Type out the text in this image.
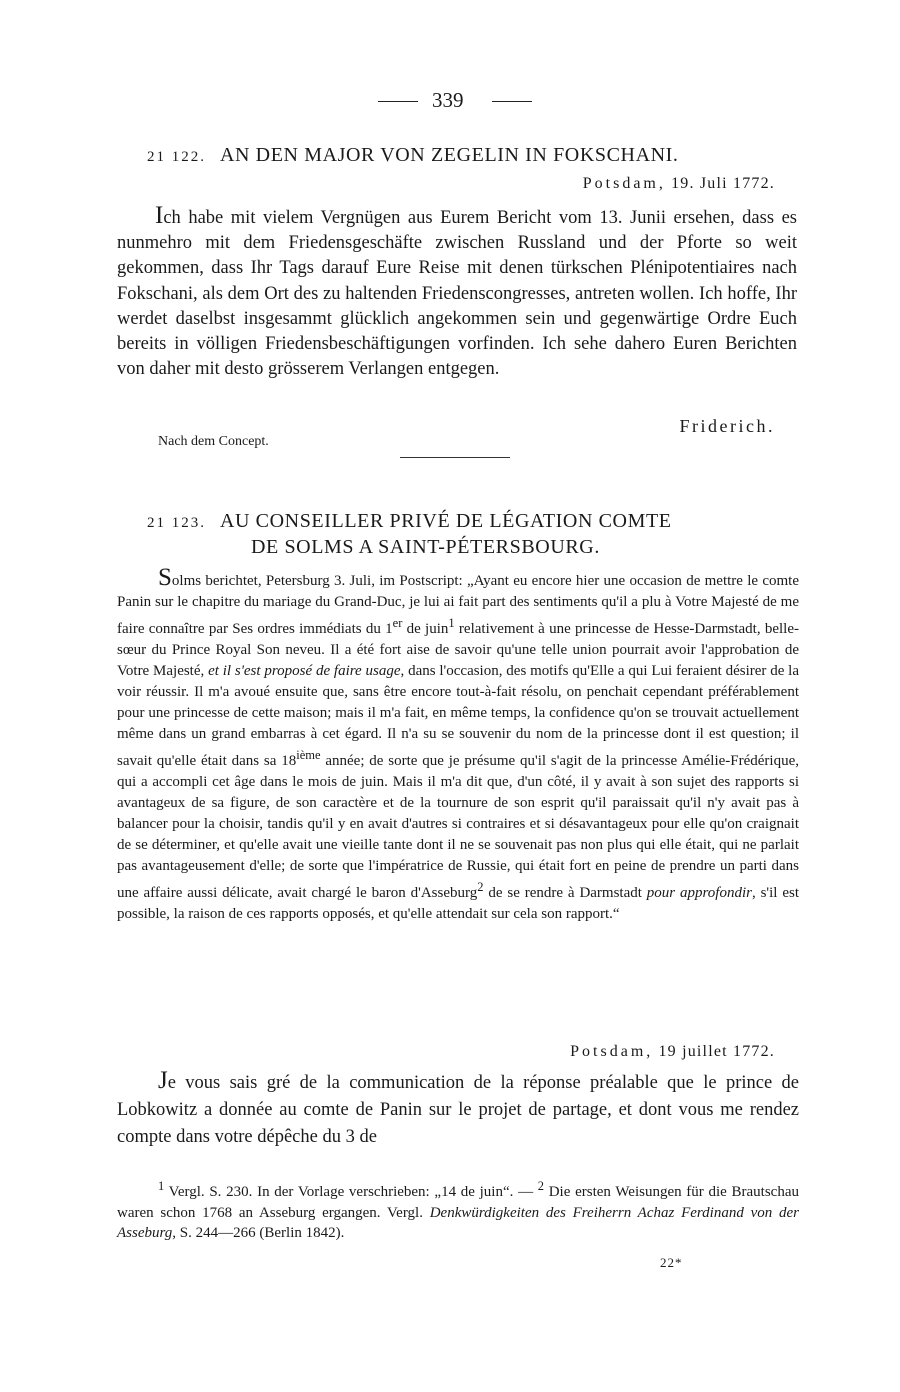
339
21 122. AN DEN MAJOR VON ZEGELIN IN FOKSCHANI.
Potsdam, 19. Juli 1772.
Ich habe mit vielem Vergnügen aus Eurem Bericht vom 13. Junii ersehen, dass es nunmehro mit dem Friedensgeschäfte zwischen Russland und der Pforte so weit gekommen, dass Ihr Tags darauf Eure Reise mit denen türkschen Plénipotentiaires nach Fokschani, als dem Ort des zu haltenden Friedenscongresses, antreten wollen. Ich hoffe, Ihr werdet daselbst insgesammt glücklich angekommen sein und gegenwärtige Ordre Euch bereits in völligen Friedensbeschäftigungen vorfinden. Ich sehe dahero Euren Berichten von daher mit desto grösserem Verlangen entgegen.
Friderich.
Nach dem Concept.
21 123. AU CONSEILLER PRIVÉ DE LÉGATION COMTE
DE SOLMS A SAINT-PÉTERSBOURG.
Solms berichtet, Petersburg 3. Juli, im Postscript: „Ayant eu encore hier une occasion de mettre le comte Panin sur le chapitre du mariage du Grand-Duc, je lui ai fait part des sentiments qu'il a plu à Votre Majesté de me faire connaître par Ses ordres immédiats du 1er de juin$^1$ relativement à une princesse de Hesse-Darmstadt, belle-sœur du Prince Royal Son neveu. Il a été fort aise de savoir qu'une telle union pourrait avoir l'approbation de Votre Majesté, et il s'est proposé de faire usage, dans l'occasion, des motifs qu'Elle a qui Lui feraient désirer de la voir réussir. Il m'a avoué ensuite que, sans être encore tout-à-fait résolu, on penchait cependant préférablement pour une princesse de cette maison; mais il m'a fait, en même temps, la confidence qu'on se trouvait actuellement même dans un grand embarras à cet égard. Il n'a su se souvenir du nom de la princesse dont il est question; il savait qu'elle était dans sa 18ième année; de sorte que je présume qu'il s'agit de la princesse Amélie-Frédérique, qui a accompli cet âge dans le mois de juin. Mais il m'a dit que, d'un côté, il y avait à son sujet des rapports si avantageux de sa figure, de son caractère et de la tournure de son esprit qu'il paraissait qu'il n'y avait pas à balancer pour la choisir, tandis qu'il y en avait d'autres si contraires et si désavantageux pour elle qu'on craignait de se déterminer, et qu'elle avait une vieille tante dont il ne se souvenait pas non plus qui elle était, qui ne parlait pas avantageusement d'elle; de sorte que l'impératrice de Russie, qui était fort en peine de prendre un parti dans une affaire aussi délicate, avait chargé le baron d'Asseburg$^2$ de se rendre à Darmstadt pour approfondir, s'il est possible, la raison de ces rapports opposés, et qu'elle attendait sur cela son rapport.“
Potsdam, 19 juillet 1772.
Je vous sais gré de la communication de la réponse préalable que le prince de Lobkowitz a donnée au comte de Panin sur le projet de partage, et dont vous me rendez compte dans votre dépêche du 3 de
$^1$ Vergl. S. 230. In der Vorlage verschrieben: „14 de juin“. — $^2$ Die ersten Weisungen für die Brautschau waren schon 1768 an Asseburg ergangen. Vergl. Denkwürdigkeiten des Freiherrn Achaz Ferdinand von der Asseburg, S. 244—266 (Berlin 1842).
22*
